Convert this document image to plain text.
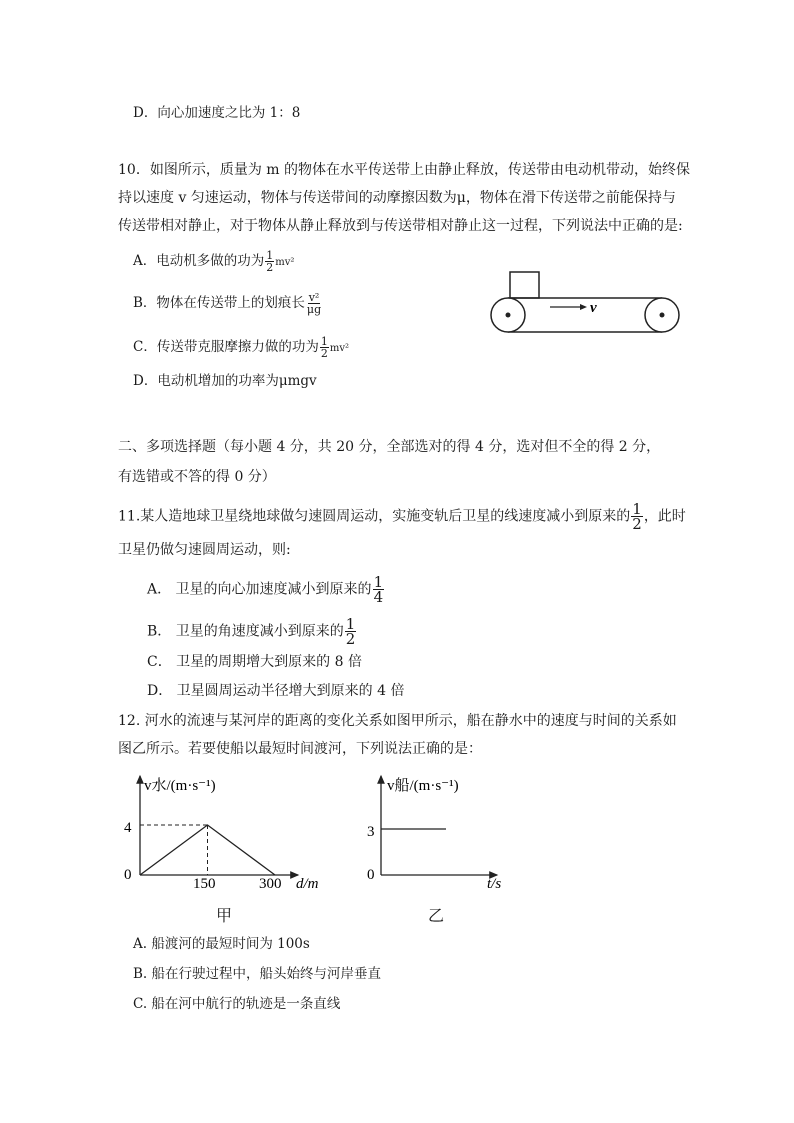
D．向心加速度之比为 1：8
10．如图所示，质量为 m 的物体在水平传送带上由静止释放，传送带由电动机带动，始终保
持以速度 v 匀速运动，物体与传送带间的动摩擦因数为μ，物体在滑下传送带之前能保持与
传送带相对静止，对于物体从静止释放到与传送带相对静止这一过程，下列说法中正确的是:
A．电动机多做的功为 $\frac{1}{2} mv^2$
B．物体在传送带上的划痕长 $\frac{\text{v²}}{\mu g}$
C．传送带克服摩擦力做的功为 $\frac{1}{2} mv^2$
D．电动机增加的功率为μmgv
v
二、多项选择题（每小题 4 分，共 20 分，全部选对的得 4 分，选对但不全的得 2 分，
有选错或不答的得 0 分）
11.某人造地球卫星绕地球做匀速圆周运动，实施变轨后卫星的线速度减小到原来的 $\frac{1}{2}$ ，此时
卫星仍做匀速圆周运动，则:
A． 卫星的向心加速度减小到原来的 $\frac{1}{4}$
B． 卫星的角速度减小到原来的 $\frac{1}{2}$
C． 卫星的周期增大到原来的 8 倍
D． 卫星圆周运动半径增大到原来的 4 倍
12. 河水的流速与某河岸的距离的变化关系如图甲所示，船在静水中的速度与时间的关系如
图乙所示。若要使船以最短时间渡河，下列说法正确的是：
v水/(m·s⁻¹)
4
0
150	300 d/m
甲
v船/(m·s⁻¹)
3
0
t/s
乙
A. 船渡河的最短时间为 100s
B. 船在行驶过程中，船头始终与河岸垂直
C. 船在河中航行的轨迹是一条直线
